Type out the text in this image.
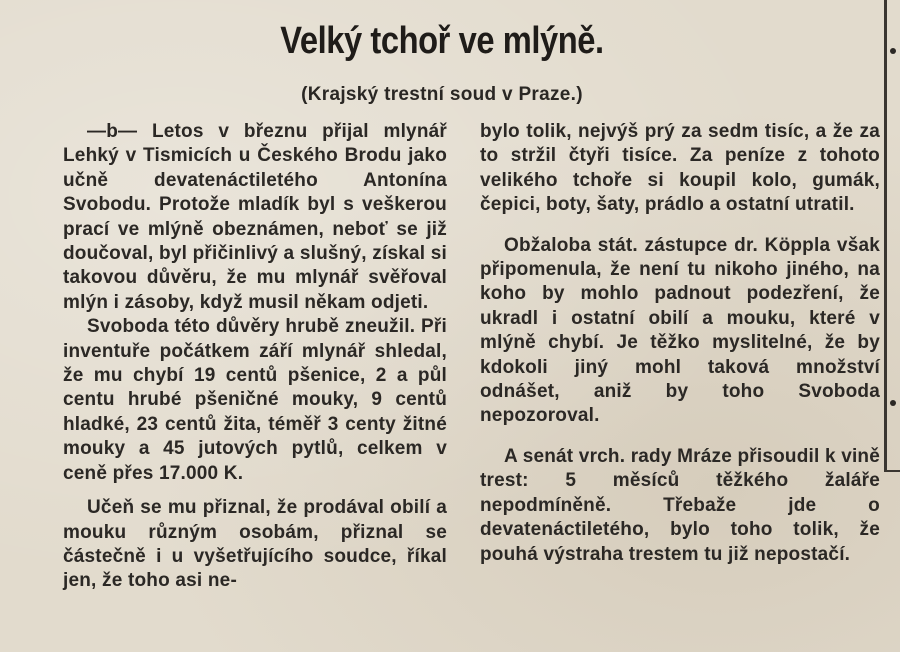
Velký tchoř ve mlýně.
(Krajský trestní soud v Praze.)

—b— Letos v březnu přijal mlynář Lehký v Tismicích u Českého Brodu jako učně devatenáctiletého Antonína Svobodu. Protože mladík byl s veškerou prací ve mlýně obeznámen, neboť se již doučoval, byl přičinlivý a slušný, získal si takovou důvěru, že mu mlynář svěřoval mlýn i zásoby, když musil někam odjeti.

Svoboda této důvěry hrubě zneužil. Při inventuře počátkem září mlynář shledal, že mu chybí 19 centů pšenice, 2 a půl centu hrubé pšeničné mouky, 9 centů hladké, 23 centů žita, téměř 3 centy žitné mouky a 45 jutových pytlů, celkem v ceně přes 17.000 K.

Učeň se mu přiznal, že prodával obilí a mouku různým osobám, přiznal se částečně i u vyšetřujícího soudce, říkal jen, že toho asi ne-

bylo tolik, nejvýš prý za sedm tisíc, a že za to stržil čtyři tisíce. Za peníze z tohoto velikého tchoře si koupil kolo, gumák, čepici, boty, šaty, prádlo a ostatní utratil.

Obžaloba stát. zástupce dr. Köppla však připomenula, že není tu nikoho jiného, na koho by mohlo padnout podezření, že ukradl i ostatní obilí a mouku, které v mlýně chybí. Je těžko myslitelné, že by kdokoli jiný mohl taková množství odnášet, aniž by toho Svoboda nepozoroval.

A senát vrch. rady Mráze přisoudil k vině trest: 5 měsíců těžkého žaláře nepodmíněně. Třebaže jde o devatenáctiletého, bylo toho tolik, že pouhá výstraha trestem tu již nepostačí.
